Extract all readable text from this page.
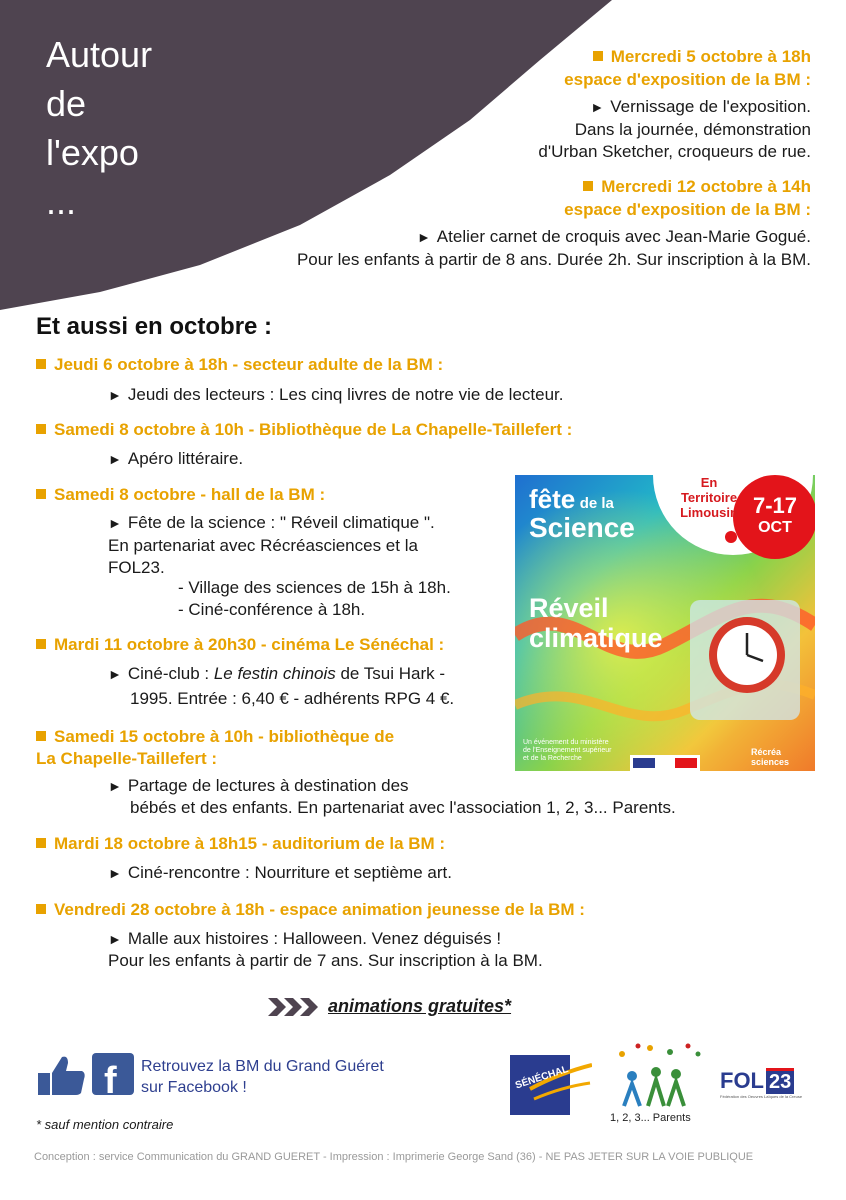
Autour
de
l'expo
...
Mercredi 5 octobre à 18h
espace d'exposition de la BM :
► Vernissage de l'exposition.
Dans la journée, démonstration
d'Urban Sketcher, croqueurs de rue.
Mercredi 12 octobre à 14h
espace d'exposition de la BM :
► Atelier carnet de croquis avec Jean-Marie Gogué.
Pour les enfants à partir de 8 ans. Durée 2h. Sur inscription à la BM.
Et aussi en octobre :
Jeudi 6 octobre à 18h - secteur adulte de la BM :
► Jeudi des lecteurs : Les cinq livres de notre vie de lecteur.
Samedi 8 octobre à 10h - Bibliothèque de La Chapelle-Taillefert :
► Apéro littéraire.
Samedi 8 octobre - hall de la BM :
► Fête de la science : " Réveil climatique ".
En partenariat avec Récréasciences et la
FOL23.
- Village des sciences de 15h à 18h.
- Ciné-conférence à 18h.
Mardi 11 octobre à 20h30 - cinéma Le Sénéchal :
► Ciné-club : Le festin chinois de Tsui Hark -
1995. Entrée : 6,40 € - adhérents RPG 4 €.
Samedi 15 octobre à 10h - bibliothèque de
La Chapelle-Taillefert :
► Partage de lectures à destination des
bébés et des enfants. En partenariat avec l'association 1, 2, 3... Parents.
Mardi 18 octobre à 18h15 - auditorium de la BM :
► Ciné-rencontre : Nourriture et septième art.
Vendredi 28 octobre à 18h - espace animation jeunesse de la BM :
► Malle aux histoires : Halloween. Venez déguisés !
Pour les enfants à partir de 7 ans. Sur inscription à la BM.
fête de la
Science
En
Territoire
Limousin 7-17
OCT
Réveil
climatique
Un événement du ministère
de l'Enseignement supérieur
et de la Recherche
Récréa
sciences
animations gratuites*
f Retrouvez la BM du Grand Guéret
sur Facebook !
* sauf mention contraire
SÉNÉCHAL
1, 2, 3... Parents
FOL 23
Fédération des Oeuvres Laïques de la Creuse
Conception : service Communication du GRAND GUERET - Impression : Imprimerie George Sand (36) - NE PAS JETER SUR LA VOIE PUBLIQUE
